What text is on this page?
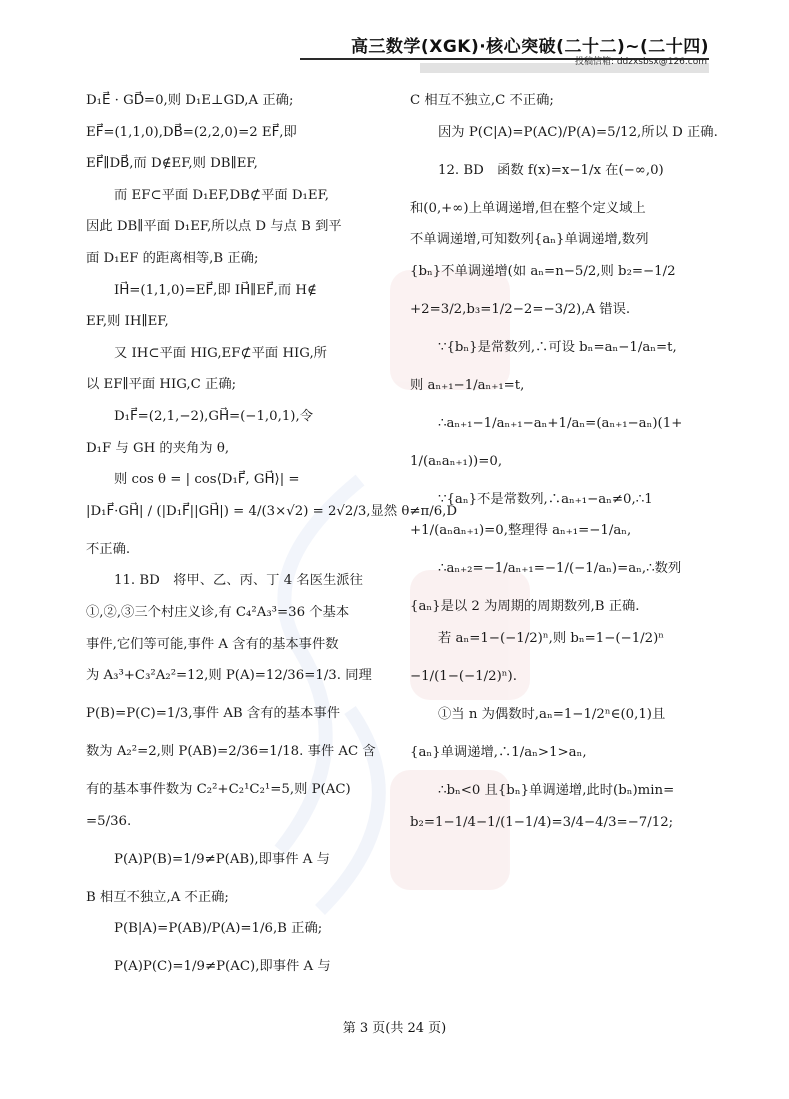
高三数学(XGK)·核心突破(二十二)~(二十四)
投稿信箱: ddzxsbsx@126.com
D₁E⃗ · GD⃗=0,则 D₁E⊥GD,A 正确;
EF⃗=(1,1,0),DB⃗=(2,2,0)=2 EF⃗,即
EF⃗∥DB⃗,而 D∉EF,则 DB∥EF,
而 EF⊂平面 D₁EF,DB⊄平面 D₁EF,
因此 DB∥平面 D₁EF,所以点 D 与点 B 到平
面 D₁EF 的距离相等,B 正确;
IH⃗=(1,1,0)=EF⃗,即 IH⃗∥EF⃗,而 H∉
EF,则 IH∥EF,
又 IH⊂平面 HIG,EF⊄平面 HIG,所
以 EF∥平面 HIG,C 正确;
D₁F⃗=(2,1,−2),GH⃗=(−1,0,1),令
D₁F 与 GH 的夹角为 θ,
则 cos θ = | cos⟨D₁F⃗, GH⃗⟩| =
|D₁F⃗·GH⃗| / (|D₁F⃗||GH⃗|) = 4/(3×√2) = 2√2/3,显然 θ≠π/6,D
不正确.
11. BD　将甲、乙、丙、丁 4 名医生派往
①,②,③三个村庄义诊,有 C₄²A₃³=36 个基本
事件,它们等可能,事件 A 含有的基本事件数
为 A₃³+C₃²A₂²=12,则 P(A)=12/36=1/3. 同理
P(B)=P(C)=1/3,事件 AB 含有的基本事件
数为 A₂²=2,则 P(AB)=2/36=1/18. 事件 AC 含
有的基本事件数为 C₂²+C₂¹C₂¹=5,则 P(AC)
=5/36.
P(A)P(B)=1/9≠P(AB),即事件 A 与
B 相互不独立,A 不正确;
P(B|A)=P(AB)/P(A)=1/6,B 正确;
P(A)P(C)=1/9≠P(AC),即事件 A 与
C 相互不独立,C 不正确;
因为 P(C|A)=P(AC)/P(A)=5/12,所以 D 正确.
12. BD　函数 f(x)=x−1/x 在(−∞,0)
和(0,+∞)上单调递增,但在整个定义域上
不单调递增,可知数列{aₙ}单调递增,数列
{bₙ}不单调递增(如 aₙ=n−5/2,则 b₂=−1/2
+2=3/2,b₃=1/2−2=−3/2),A 错误.
∵{bₙ}是常数列,∴可设 bₙ=aₙ−1/aₙ=t,
则 aₙ₊₁−1/aₙ₊₁=t,
∴aₙ₊₁−1/aₙ₊₁−aₙ+1/aₙ=(aₙ₊₁−aₙ)(1+
1/(aₙaₙ₊₁))=0,
∵{aₙ}不是常数列,∴aₙ₊₁−aₙ≠0,∴1
+1/(aₙaₙ₊₁)=0,整理得 aₙ₊₁=−1/aₙ,
∴aₙ₊₂=−1/aₙ₊₁=−1/(−1/aₙ)=aₙ,∴数列
{aₙ}是以 2 为周期的周期数列,B 正确.
若 aₙ=1−(−1/2)ⁿ,则 bₙ=1−(−1/2)ⁿ
−1/(1−(−1/2)ⁿ).
①当 n 为偶数时,aₙ=1−1/2ⁿ∈(0,1)且
{aₙ}单调递增,∴1/aₙ>1>aₙ,
∴bₙ<0 且{bₙ}单调递增,此时(bₙ)min=
b₂=1−1/4−1/(1−1/4)=3/4−4/3=−7/12;
第 3 页(共 24 页)
